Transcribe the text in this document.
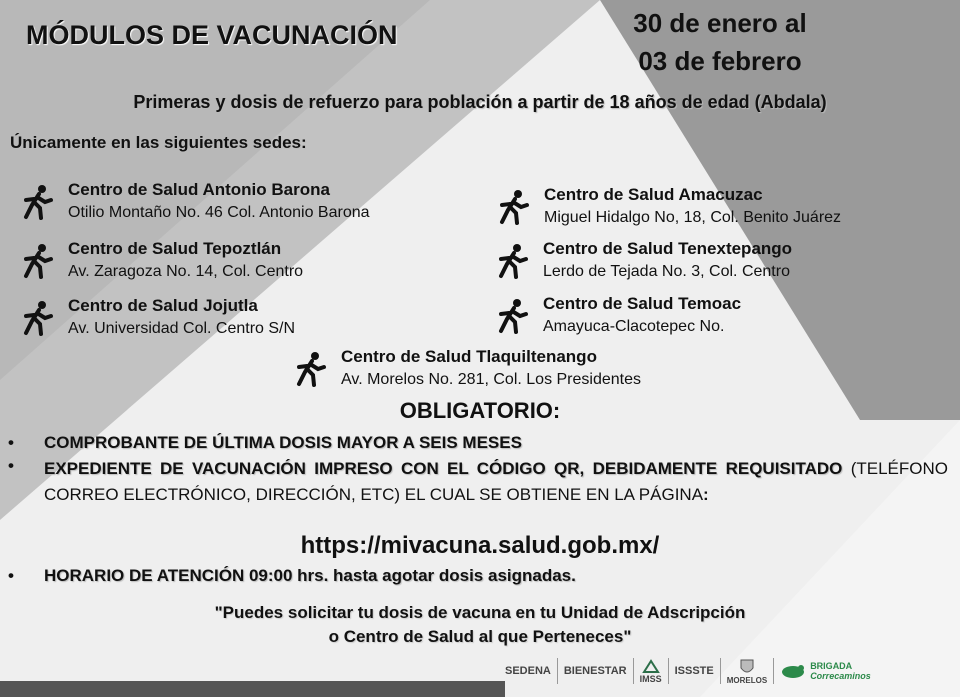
MÓDULOS DE VACUNACIÓN	30 de enero al
03 de febrero
Primeras y dosis de refuerzo para población a partir de 18 años de edad (Abdala)
Únicamente en las siguientes sedes:
Centro de Salud Antonio Barona
Otilio Montaño No. 46 Col. Antonio Barona
Centro de Salud Amacuzac
Miguel Hidalgo No, 18, Col. Benito Juárez
Centro de Salud Tepoztlán
Av. Zaragoza No. 14, Col. Centro
Centro de Salud Tenextepango
Lerdo de Tejada No. 3, Col. Centro
Centro de Salud Jojutla
Av. Universidad Col. Centro S/N
Centro de Salud Temoac
Amayuca-Clacotepec No.
Centro de Salud Tlaquiltenango
Av. Morelos No. 281, Col. Los Presidentes
OBLIGATORIO:
• COMPROBANTE DE ÚLTIMA DOSIS MAYOR A SEIS MESES
• EXPEDIENTE DE VACUNACIÓN IMPRESO CON EL CÓDIGO QR, DEBIDAMENTE REQUISITADO (TELÉFONO CORREO ELECTRÓNICO, DIRECCIÓN, ETC) EL CUAL SE OBTIENE EN LA PÁGINA:
https://mivacuna.salud.gob.mx/
• HORARIO DE ATENCIÓN 09:00 hrs. hasta agotar dosis asignadas.
"Puedes solicitar tu dosis de vacuna en tu Unidad de Adscripción
o Centro de Salud al que Perteneces"
SEDENA BIENESTAR
IMSS
ISSSTE
MORELOS
BRIGADA
Correcaminos
